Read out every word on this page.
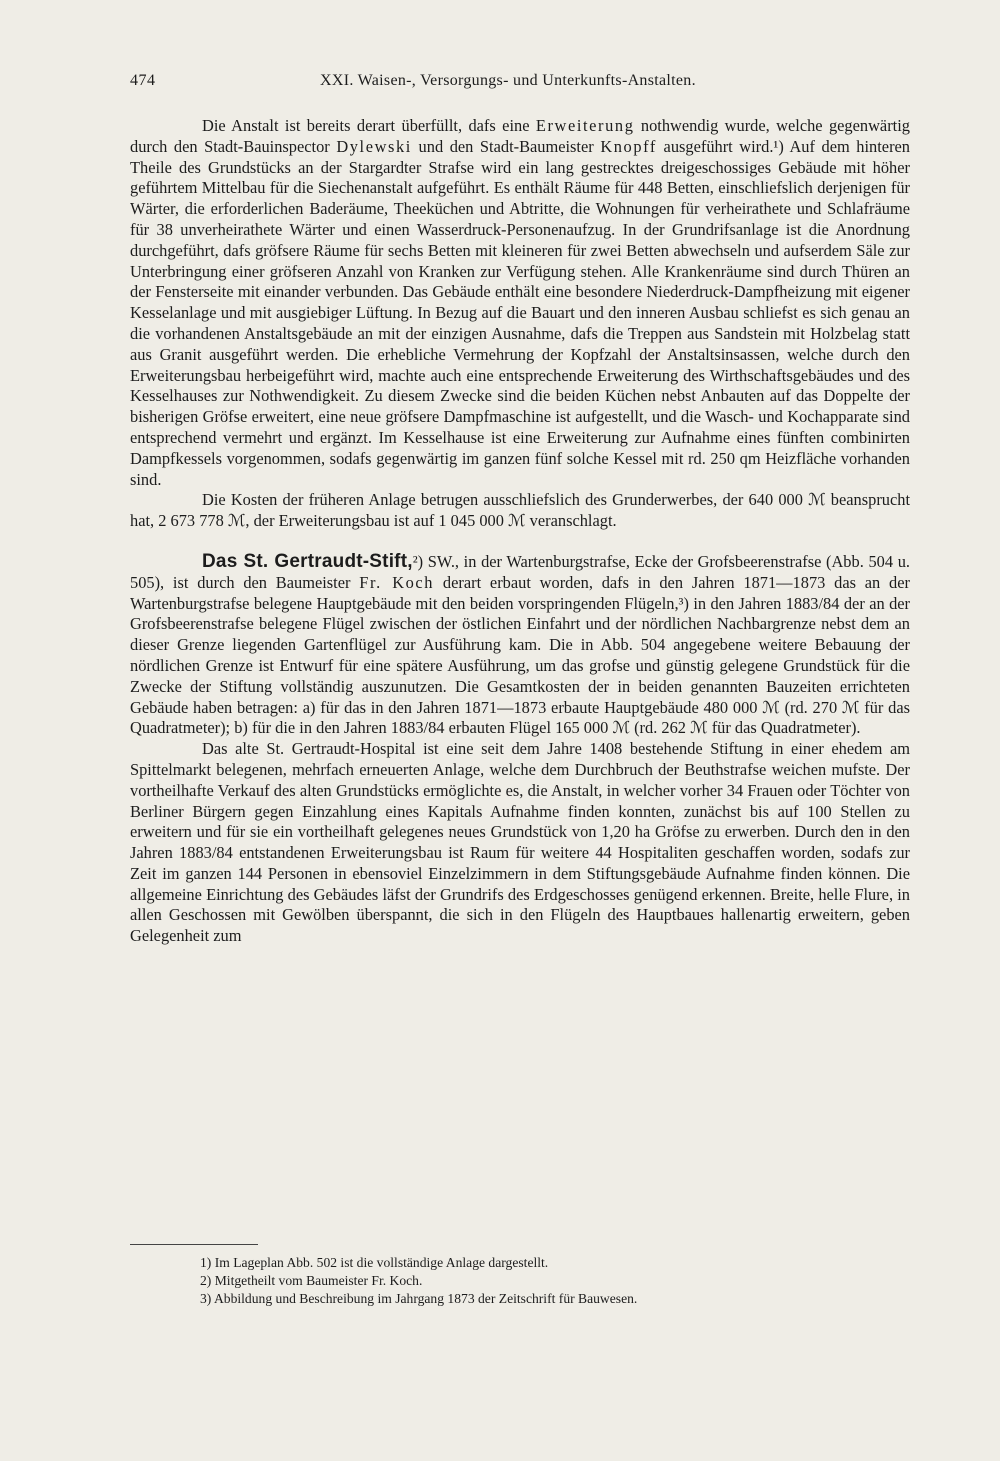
474	XXI. Waisen-, Versorgungs- und Unterkunfts-Anstalten.

Die Anstalt ist bereits derart überfüllt, dafs eine Erweiterung nothwendig wurde, welche gegenwärtig durch den Stadt-Bauinspector Dylewski und den Stadt-Baumeister Knopff ausgeführt wird.¹) Auf dem hinteren Theile des Grundstücks an der Stargardter Strafse wird ein lang gestrecktes dreigeschossiges Gebäude mit höher geführtem Mittelbau für die Siechenanstalt aufgeführt. Es enthält Räume für 448 Betten, einschliefslich derjenigen für Wärter, die erforderlichen Baderäume, Theeküchen und Abtritte, die Wohnungen für verheirathete und Schlafräume für 38 unverheirathete Wärter und einen Wasserdruck-Personenaufzug. In der Grundrifsanlage ist die Anordnung durchgeführt, dafs gröfsere Räume für sechs Betten mit kleineren für zwei Betten abwechseln und aufserdem Säle zur Unterbringung einer gröfseren Anzahl von Kranken zur Verfügung stehen. Alle Krankenräume sind durch Thüren an der Fensterseite mit einander verbunden. Das Gebäude enthält eine besondere Niederdruck-Dampfheizung mit eigener Kesselanlage und mit ausgiebiger Lüftung. In Bezug auf die Bauart und den inneren Ausbau schliefst es sich genau an die vorhandenen Anstaltsgebäude an mit der einzigen Ausnahme, dafs die Treppen aus Sandstein mit Holzbelag statt aus Granit ausgeführt werden. Die erhebliche Vermehrung der Kopfzahl der Anstaltsinsassen, welche durch den Erweiterungsbau herbeigeführt wird, machte auch eine entsprechende Erweiterung des Wirthschaftsgebäudes und des Kesselhauses zur Nothwendigkeit. Zu diesem Zwecke sind die beiden Küchen nebst Anbauten auf das Doppelte der bisherigen Gröfse erweitert, eine neue gröfsere Dampfmaschine ist aufgestellt, und die Wasch- und Kochapparate sind entsprechend vermehrt und ergänzt. Im Kesselhause ist eine Erweiterung zur Aufnahme eines fünften combinirten Dampfkessels vorgenommen, sodafs gegenwärtig im ganzen fünf solche Kessel mit rd. 250 qm Heizfläche vorhanden sind.

Die Kosten der früheren Anlage betrugen ausschliefslich des Grunderwerbes, der 640 000 ℳ beansprucht hat, 2 673 778 ℳ, der Erweiterungsbau ist auf 1 045 000 ℳ veranschlagt.

Das St. Gertraudt-Stift,²) SW., in der Wartenburgstrafse, Ecke der Grofsbeerenstrafse (Abb. 504 u. 505), ist durch den Baumeister Fr. Koch derart erbaut worden, dafs in den Jahren 1871—1873 das an der Wartenburgstrafse belegene Hauptgebäude mit den beiden vorspringenden Flügeln,³) in den Jahren 1883/84 der an der Grofsbeerenstrafse belegene Flügel zwischen der östlichen Einfahrt und der nördlichen Nachbargrenze nebst dem an dieser Grenze liegenden Gartenflügel zur Ausführung kam. Die in Abb. 504 angegebene weitere Bebauung der nördlichen Grenze ist Entwurf für eine spätere Ausführung, um das grofse und günstig gelegene Grundstück für die Zwecke der Stiftung vollständig auszunutzen. Die Gesamtkosten der in beiden genannten Bauzeiten errichteten Gebäude haben betragen: a) für das in den Jahren 1871—1873 erbaute Hauptgebäude 480 000 ℳ (rd. 270 ℳ für das Quadratmeter); b) für die in den Jahren 1883/84 erbauten Flügel 165 000 ℳ (rd. 262 ℳ für das Quadratmeter).

Das alte St. Gertraudt-Hospital ist eine seit dem Jahre 1408 bestehende Stiftung in einer ehedem am Spittelmarkt belegenen, mehrfach erneuerten Anlage, welche dem Durchbruch der Beuthstrafse weichen mufste. Der vortheilhafte Verkauf des alten Grundstücks ermöglichte es, die Anstalt, in welcher vorher 34 Frauen oder Töchter von Berliner Bürgern gegen Einzahlung eines Kapitals Aufnahme finden konnten, zunächst bis auf 100 Stellen zu erweitern und für sie ein vortheilhaft gelegenes neues Grundstück von 1,20 ha Gröfse zu erwerben. Durch den in den Jahren 1883/84 entstandenen Erweiterungsbau ist Raum für weitere 44 Hospitaliten geschaffen worden, sodafs zur Zeit im ganzen 144 Personen in ebensoviel Einzelzimmern in dem Stiftungsgebäude Aufnahme finden können. Die allgemeine Einrichtung des Gebäudes läfst der Grundrifs des Erdgeschosses genügend erkennen. Breite, helle Flure, in allen Geschossen mit Gewölben überspannt, die sich in den Flügeln des Hauptbaues hallenartig erweitern, geben Gelegenheit zum

1) Im Lageplan Abb. 502 ist die vollständige Anlage dargestellt.

2) Mitgetheilt vom Baumeister Fr. Koch.

3) Abbildung und Beschreibung im Jahrgang 1873 der Zeitschrift für Bauwesen.
